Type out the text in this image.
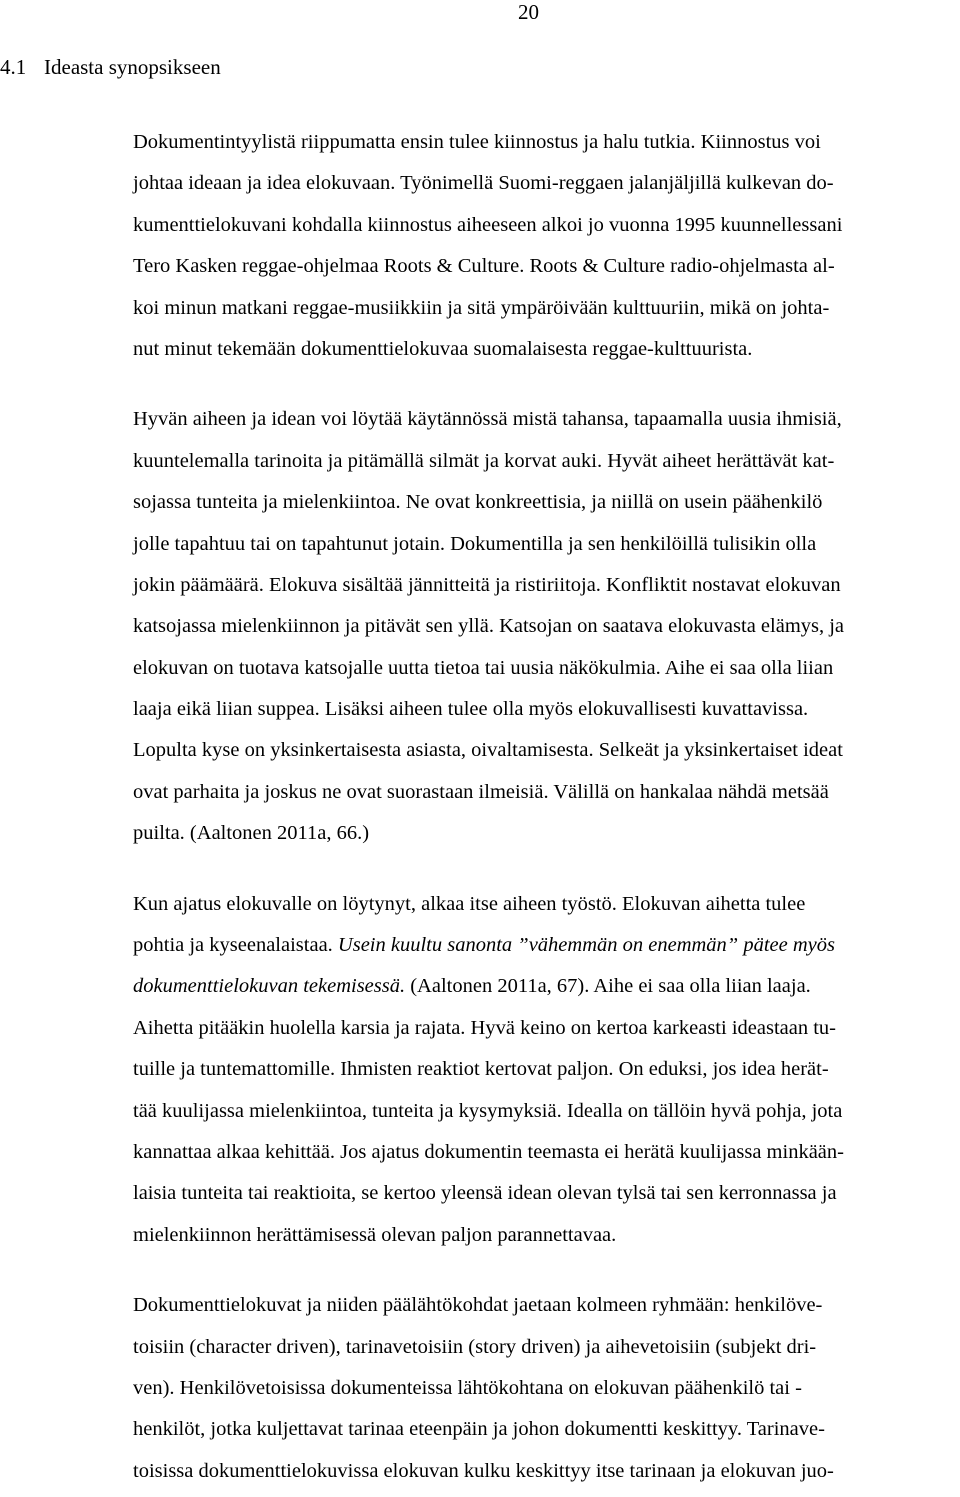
20
4.1 Ideasta synopsikseen
Dokumentintyylistä riippumatta ensin tulee kiinnostus ja halu tutkia. Kiinnostus voi
johtaa ideaan ja idea elokuvaan. Työnimellä Suomi-reggaen jalanjäljillä kulkevan do-
kumenttielokuvani kohdalla kiinnostus aiheeseen alkoi jo vuonna 1995 kuunnellessani
Tero Kasken reggae-ohjelmaa Roots & Culture. Roots & Culture radio-ohjelmasta al-
koi minun matkani reggae-musiikkiin ja sitä ympäröivään kulttuuriin, mikä on johta-
nut minut tekemään dokumenttielokuvaa suomalaisesta reggae-kulttuurista.
Hyvän aiheen ja idean voi löytää käytännössä mistä tahansa, tapaamalla uusia ihmisiä,
kuuntelemalla tarinoita ja pitämällä silmät ja korvat auki. Hyvät aiheet herättävät kat-
sojassa tunteita ja mielenkiintoa. Ne ovat konkreettisia, ja niillä on usein päähenkilö
jolle tapahtuu tai on tapahtunut jotain. Dokumentilla ja sen henkilöillä tulisikin olla
jokin päämäärä. Elokuva sisältää jännitteitä ja ristiriitoja. Konfliktit nostavat elokuvan
katsojassa mielenkiinnon ja pitävät sen yllä. Katsojan on saatava elokuvasta elämys, ja
elokuvan on tuotava katsojalle uutta tietoa tai uusia näkökulmia. Aihe ei saa olla liian
laaja eikä liian suppea. Lisäksi aiheen tulee olla myös elokuvallisesti kuvattavissa.
Lopulta kyse on yksinkertaisesta asiasta, oivaltamisesta. Selkeät ja yksinkertaiset ideat
ovat parhaita ja joskus ne ovat suorastaan ilmeisiä. Välillä on hankalaa nähdä metsää
puilta. (Aaltonen 2011a, 66.)
Kun ajatus elokuvalle on löytynyt, alkaa itse aiheen työstö. Elokuvan aihetta tulee
pohtia ja kyseenalaistaa. Usein kuultu sanonta ”vähemmän on enemmän” pätee myös
dokumenttielokuvan tekemisessä. (Aaltonen 2011a, 67). Aihe ei saa olla liian laaja.
Aihetta pitääkin huolella karsia ja rajata. Hyvä keino on kertoa karkeasti ideastaan tu-
tuille ja tuntemattomille. Ihmisten reaktiot kertovat paljon. On eduksi, jos idea herät-
tää kuulijassa mielenkiintoa, tunteita ja kysymyksiä. Idealla on tällöin hyvä pohja, jota
kannattaa alkaa kehittää. Jos ajatus dokumentin teemasta ei herätä kuulijassa minkään-
laisia tunteita tai reaktioita, se kertoo yleensä idean olevan tylsä tai sen kerronnassa ja
mielenkiinnon herättämisessä olevan paljon parannettavaa.
Dokumenttielokuvat ja niiden päälähtökohdat jaetaan kolmeen ryhmään: henkilöve-
toisiin (character driven), tarinavetoisiin (story driven) ja aihevetoisiin (subjekt dri-
ven). Henkilövetoisissa dokumenteissa lähtökohtana on elokuvan päähenkilö tai -
henkilöt, jotka kuljettavat tarinaa eteenpäin ja johon dokumentti keskittyy. Tarinave-
toisissa dokumenttielokuvissa elokuvan kulku keskittyy itse tarinaan ja elokuvan juo-
